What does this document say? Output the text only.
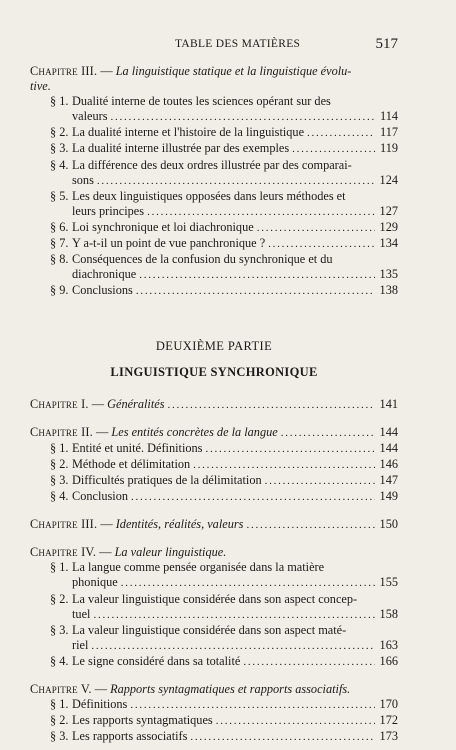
TABLE DES MATIÈRES	517
Chapitre III. — La linguistique statique et la linguistique évolu-
tive.
§ 1. Dualité interne de toutes les sciences opérant sur des
valeurs . . .	114
§ 2. La dualité interne et l'histoire de la linguistique . . .	117
§ 3. La dualité interne illustrée par des exemples . . .	119
§ 4. La différence des deux ordres illustrée par des comparai-
sons . . .	124
§ 5. Les deux linguistiques opposées dans leurs méthodes et
leurs principes . . .	127
§ 6. Loi synchronique et loi diachronique . . .	129
§ 7. Y a-t-il un point de vue panchronique ? . . .	134
§ 8. Conséquences de la confusion du synchronique et du
diachronique . . .	135
§ 9. Conclusions . . .	138
DEUXIÈME PARTIE
LINGUISTIQUE SYNCHRONIQUE
Chapitre I. — Généralités . . .	141
Chapitre II. — Les entités concrètes de la langue . . .	144
§ 1. Entité et unité. Définitions . . .	144
§ 2. Méthode et délimitation . . .	146
§ 3. Difficultés pratiques de la délimitation . . .	147
§ 4. Conclusion . . .	149
Chapitre III. — Identités, réalités, valeurs . . .	150
Chapitre IV. — La valeur linguistique.
§ 1. La langue comme pensée organisée dans la matière
phonique . . .	155
§ 2. La valeur linguistique considérée dans son aspect concep-
tuel . . .	158
§ 3. La valeur linguistique considérée dans son aspect maté-
riel . . .	163
§ 4. Le signe considéré dans sa totalité . . .	166
Chapitre V. — Rapports syntagmatiques et rapports associatifs.
§ 1. Définitions . . .	170
§ 2. Les rapports syntagmatiques . . .	172
§ 3. Les rapports associatifs . . .	173
